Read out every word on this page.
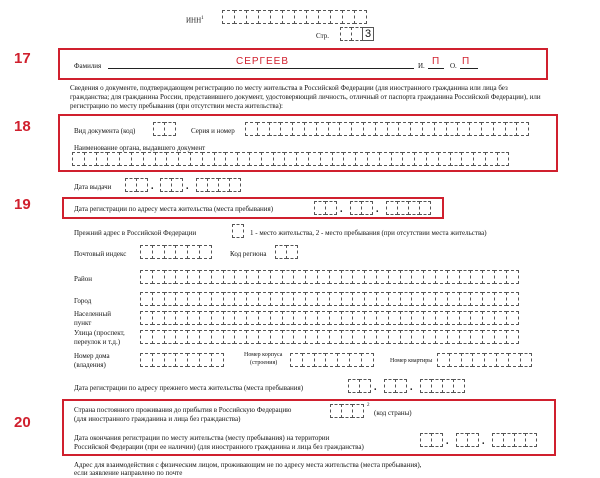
ИНН$^1$
Стр.	3
17	Фамилия	СЕРГЕЕВ	И. П О. П
Сведения о документе, подтверждающем регистрацию по месту жительства в Российской Федерации (для иностранного гражданина или лица без гражданства; для гражданина России, представившего документ, удостоверяющий личность, отличный от паспорта гражданина Российской Федерации), или регистрацию по месту пребывания (при отсутствии места жительства):
18	Вид документа (код)	Серия и номер
Наименование органа, выдавшего документ
Дата выдачи	.	.
19	Дата регистрации по адресу места жительства (места пребывания)	.	.
Прежний адрес в Российской Федерации	1 - место жительства, 2 - место пребывания (при отсутствии места жительства)
Почтовый индекс	Код региона
Район
Город
Населенный
пункт
Улица (проспект,
переулок и т.д.)
Номер дома
(владения)
Номер корпуса
(строения)	Номер квартиры
Дата регистрации по адресу прежнего места жительства (места пребывания)	.	.
20
Страна постоянного проживания до прибытия в Российскую Федерацию
(для иностранного гражданина и лица без гражданства)
2
(код страны)
Дата окончания регистрации по месту жительства (месту пребывания) на территории
Российской Федерации (при ее наличии) (для иностранного гражданина и лица без гражданства)	.	.
Адрес для взаимодействия с физическим лицом, проживающим не по адресу места жительства (места пребывания),
если заявление направлено по почте
